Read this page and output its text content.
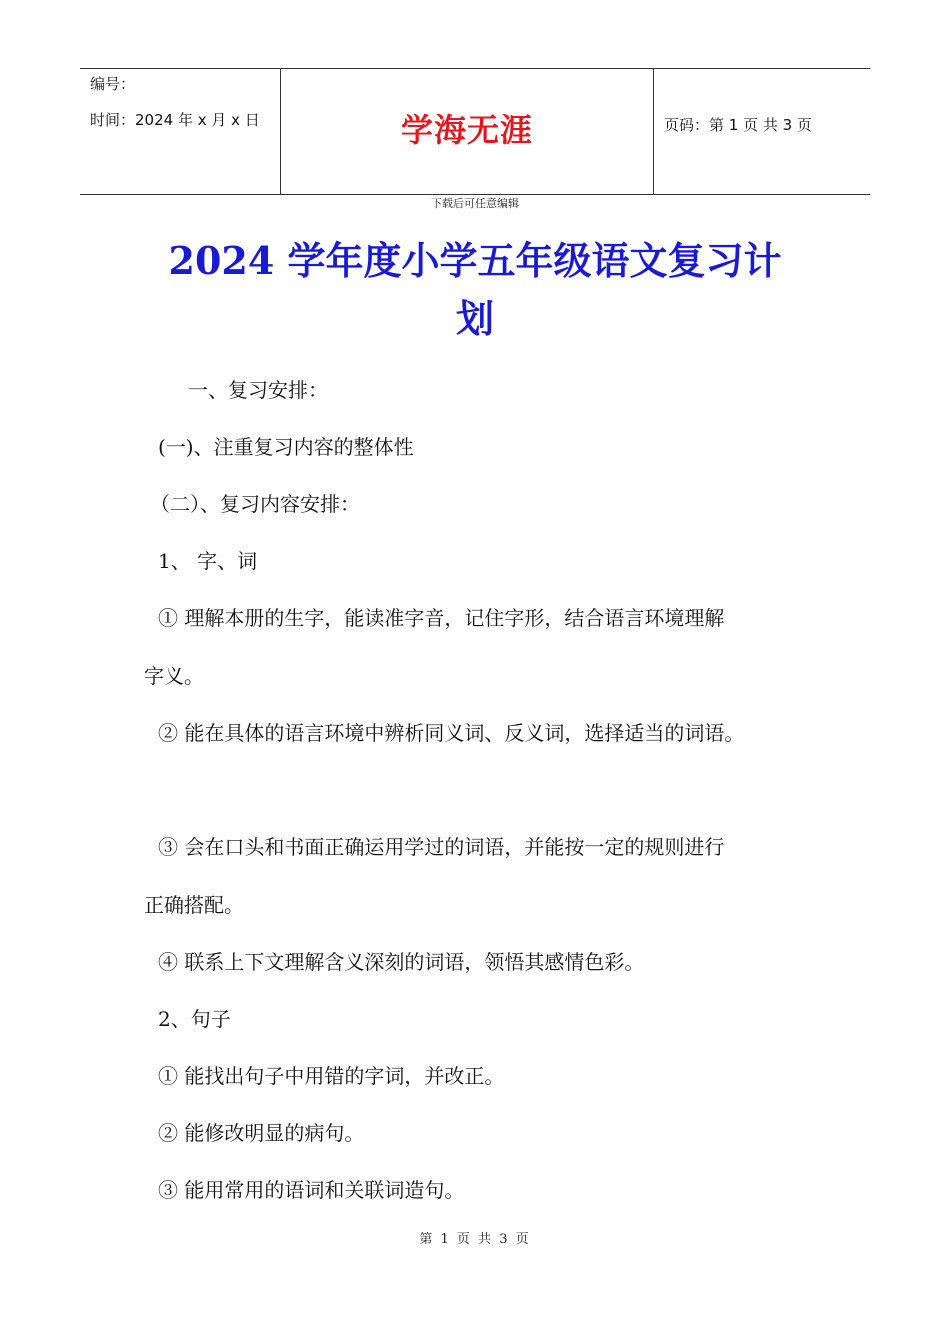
编号：
时间：2024 年 x 月 x 日	学海无涯	页码：第 1 页 共 3 页
下载后可任意编辑
2024 学年度小学五年级语文复习计
划
一、复习安排：
(一)、注重复习内容的整体性
（二）、复习内容安排：
1、 字、词
① 理解本册的生字，能读准字音，记住字形，结合语言环境理解
字义。
② 能在具体的语言环境中辨析同义词、反义词，选择适当的词语。
③ 会在口头和书面正确运用学过的词语，并能按一定的规则进行
正确搭配。
④ 联系上下文理解含义深刻的词语，领悟其感情色彩。
2、句子
① 能找出句子中用错的字词，并改正。
② 能修改明显的病句。
③ 能用常用的语词和关联词造句。
第 1 页 共 3 页
